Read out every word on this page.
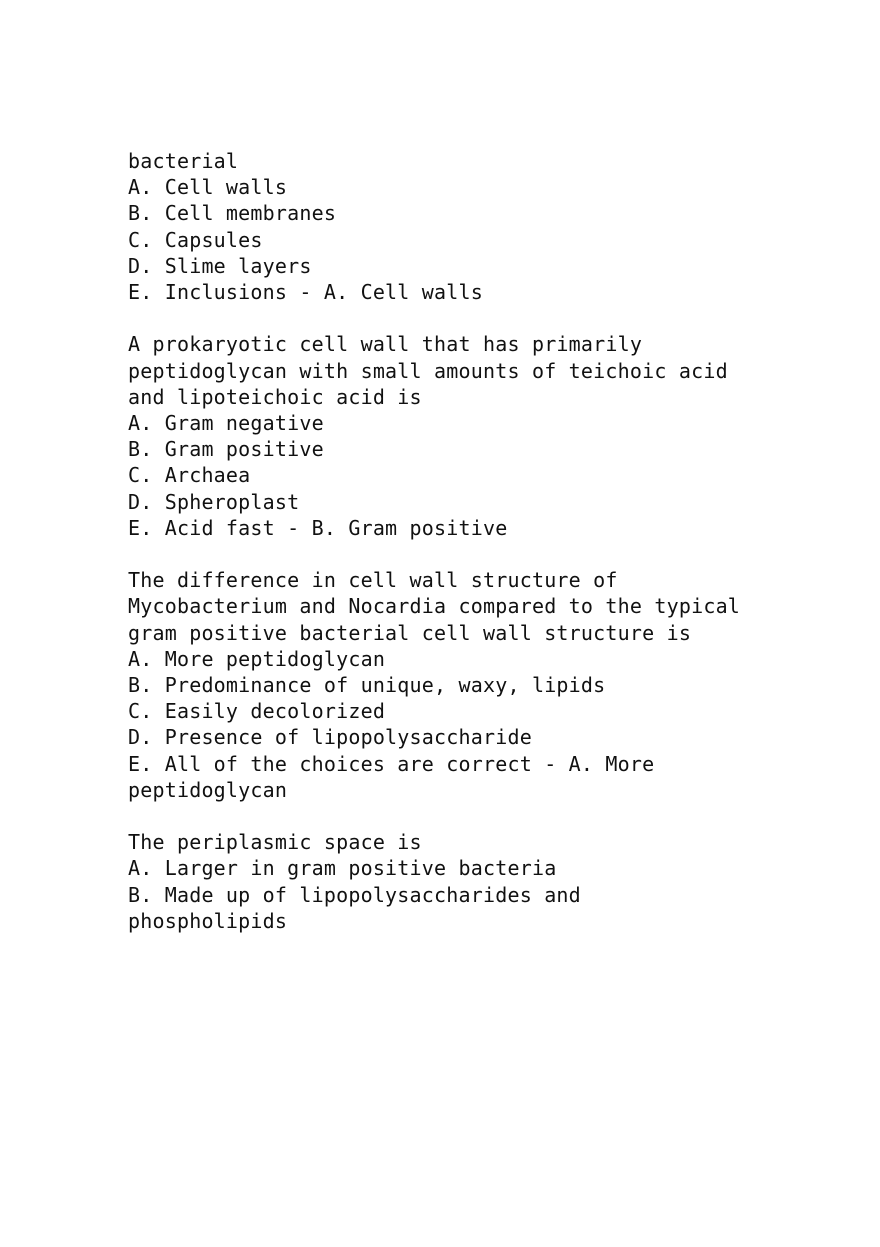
bacterial
A. Cell walls
B. Cell membranes
C. Capsules
D. Slime layers
E. Inclusions - A. Cell walls
A prokaryotic cell wall that has primarily
peptidoglycan with small amounts of teichoic acid
and lipoteichoic acid is
A. Gram negative
B. Gram positive
C. Archaea
D. Spheroplast
E. Acid fast - B. Gram positive
The difference in cell wall structure of
Mycobacterium and Nocardia compared to the typical
gram positive bacterial cell wall structure is
A. More peptidoglycan
B. Predominance of unique, waxy, lipids
C. Easily decolorized
D. Presence of lipopolysaccharide
E. All of the choices are correct - A. More
peptidoglycan
The periplasmic space is
A. Larger in gram positive bacteria
B. Made up of lipopolysaccharides and
phospholipids
